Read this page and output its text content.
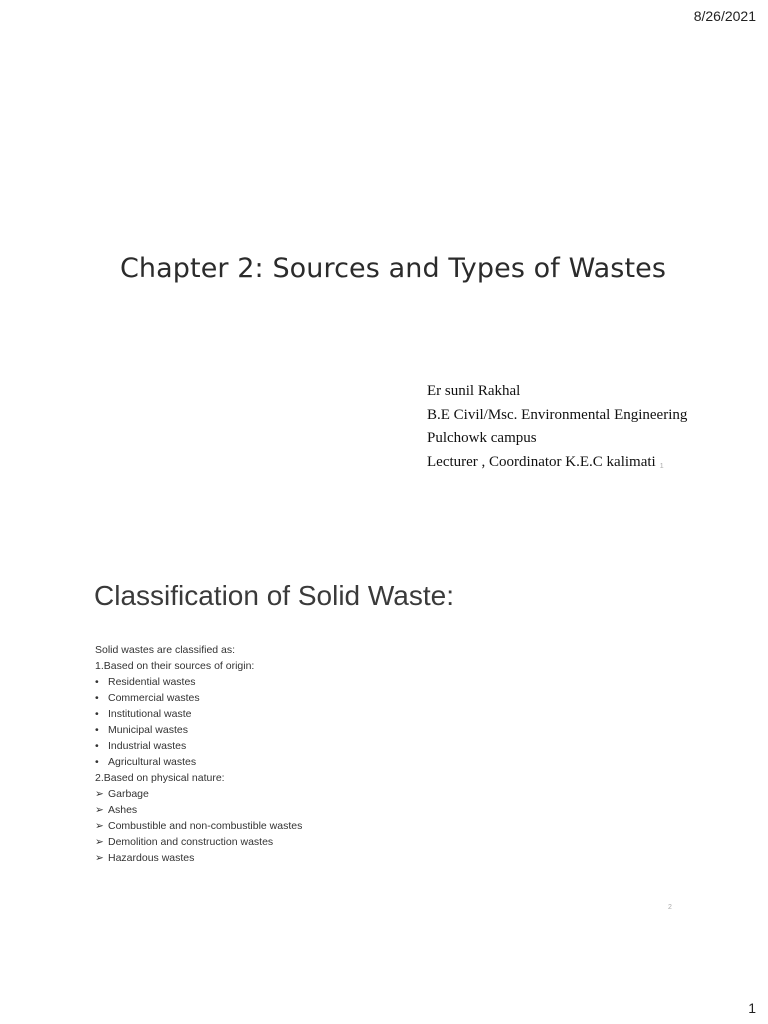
8/26/2021
Chapter 2: Sources and Types of Wastes
Er sunil Rakhal
B.E Civil/Msc. Environmental Engineering
Pulchowk campus
Lecturer , Coordinator K.E.C kalimati 1
Classification of Solid Waste:
Solid wastes are classified as:
1.Based on their sources of origin:
• Residential wastes
• Commercial wastes
• Institutional waste
• Municipal wastes
• Industrial wastes
• Agricultural wastes
2.Based on physical nature:
➢ Garbage
➢ Ashes
➢ Combustible and non-combustible wastes
➢ Demolition and construction wastes
➢ Hazardous wastes
2
1
